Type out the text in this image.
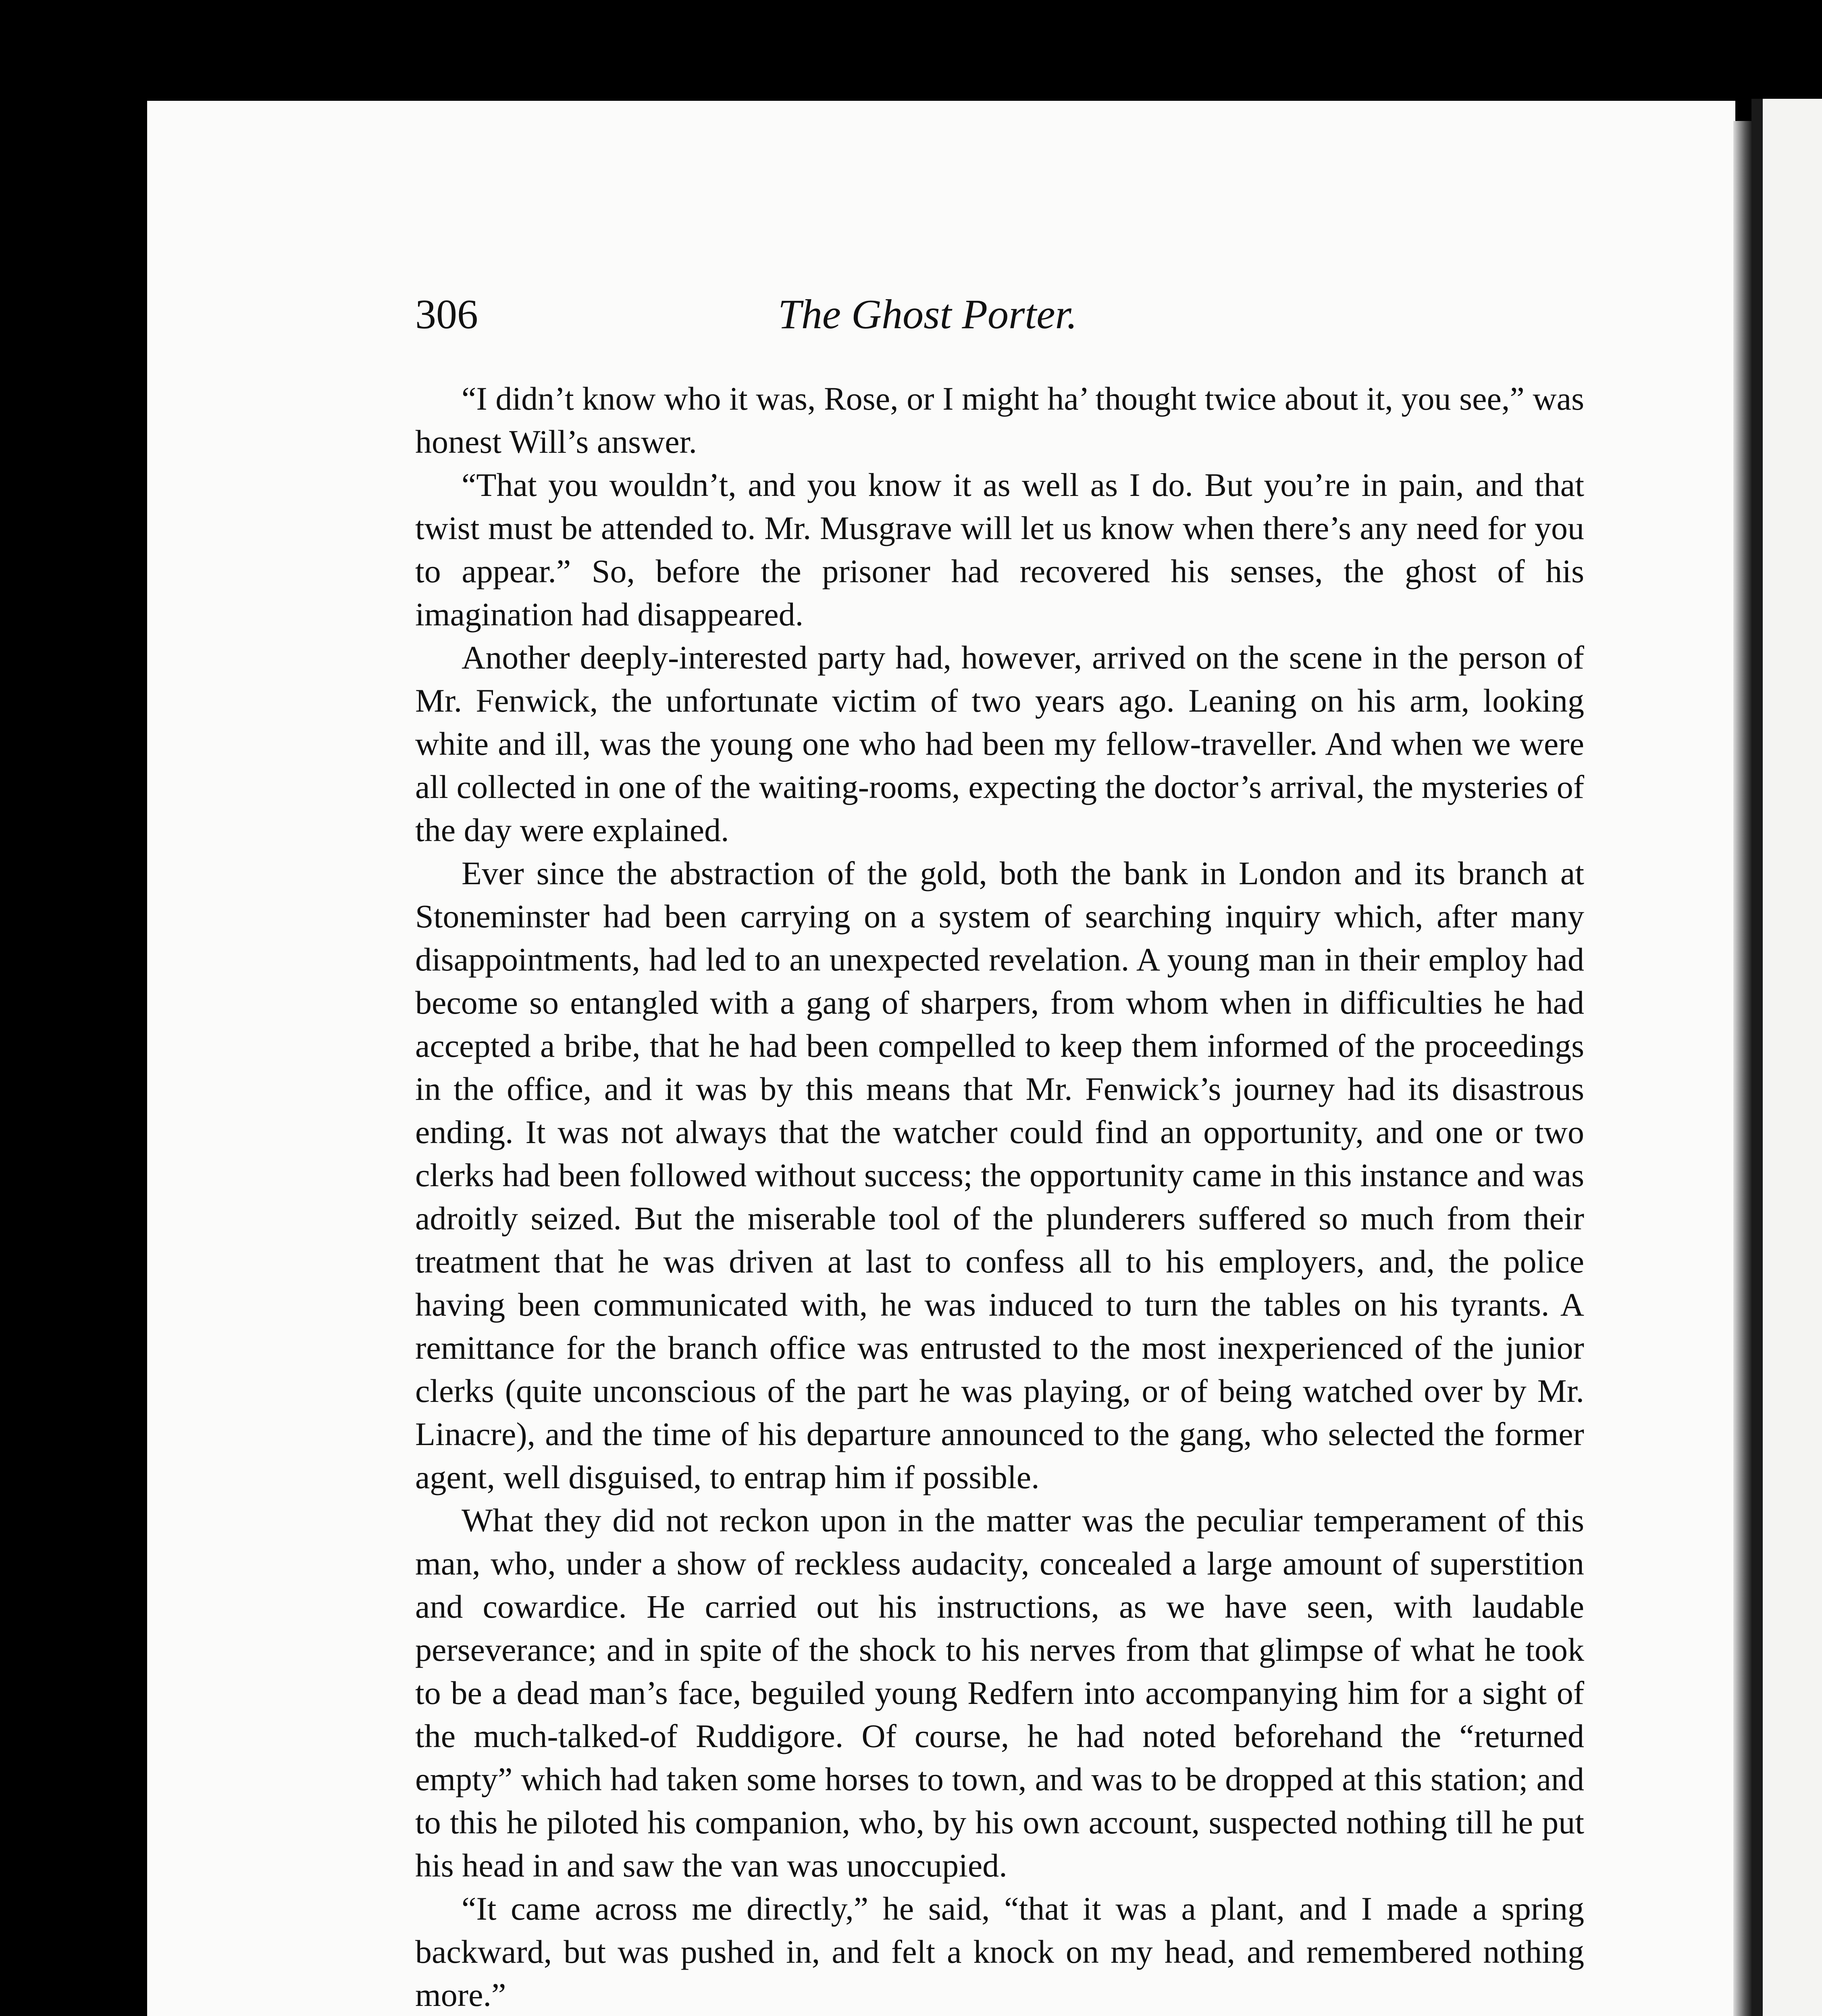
306	The Ghost Porter.

“I didn’t know who it was, Rose, or I might ha’ thought twice about it, you see,” was honest Will’s answer.

“That you wouldn’t, and you know it as well as I do. But you’re in pain, and that twist must be attended to. Mr. Musgrave will let us know when there’s any need for you to appear.” So, before the prisoner had recovered his senses, the ghost of his imagination had disappeared.

Another deeply-interested party had, however, arrived on the scene in the person of Mr. Fenwick, the unfortunate victim of two years ago. Leaning on his arm, looking white and ill, was the young one who had been my fellow-traveller. And when we were all collected in one of the waiting-rooms, expecting the doctor’s arrival, the mysteries of the day were explained.

Ever since the abstraction of the gold, both the bank in London and its branch at Stoneminster had been carrying on a system of searching inquiry which, after many disappointments, had led to an unexpected revelation. A young man in their employ had become so entangled with a gang of sharpers, from whom when in difficulties he had accepted a bribe, that he had been compelled to keep them informed of the proceedings in the office, and it was by this means that Mr. Fenwick’s journey had its disastrous ending. It was not always that the watcher could find an opportunity, and one or two clerks had been followed without success; the opportunity came in this instance and was adroitly seized. But the miserable tool of the plunderers suffered so much from their treatment that he was driven at last to confess all to his employers, and, the police having been communicated with, he was induced to turn the tables on his tyrants. A remittance for the branch office was entrusted to the most inexperienced of the junior clerks (quite unconscious of the part he was playing, or of being watched over by Mr. Linacre), and the time of his departure announced to the gang, who selected the former agent, well disguised, to entrap him if possible.

What they did not reckon upon in the matter was the peculiar temperament of this man, who, under a show of reckless audacity, concealed a large amount of superstition and cowardice. He carried out his instructions, as we have seen, with laudable perseverance; and in spite of the shock to his nerves from that glimpse of what he took to be a dead man’s face, beguiled young Redfern into accompanying him for a sight of the much-talked-of Ruddigore. Of course, he had noted beforehand the “returned empty” which had taken some horses to town, and was to be dropped at this station; and to this he piloted his companion, who, by his own account, suspected nothing till he put his head in and saw the van was unoccupied.

“It came across me directly,” he said, “that it was a plant, and I made a spring backward, but was pushed in, and felt a knock on my head, and remembered nothing more.”
